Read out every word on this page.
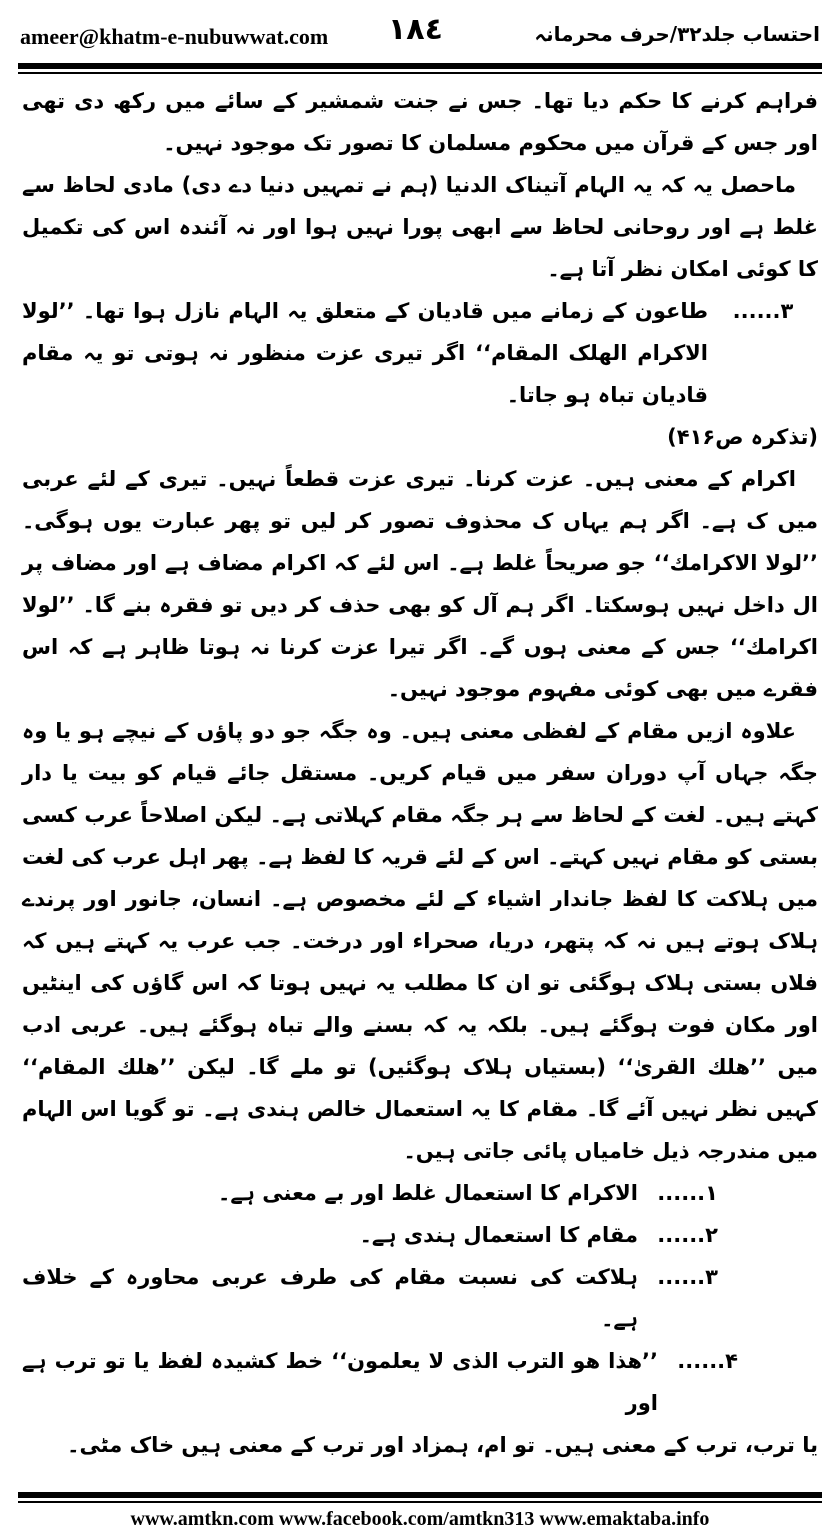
ameer@khatm-e-nubuwwat.com ١٨٤	احتساب جلد۳۲/حرف محرمانہ

فراہم کرنے کا حکم دیا تھا۔ جس نے جنت شمشیر کے سائے میں رکھ دی تھی اور جس کے قرآن میں محکوم مسلمان کا تصور تک موجود نہیں۔

ماحصل یہ کہ یہ الہام آتیناک الدنیا (ہم نے تمہیں دنیا دے دی) مادی لحاظ سے غلط ہے اور روحانی لحاظ سے ابھی پورا نہیں ہوا اور نہ آئندہ اس کی تکمیل کا کوئی امکان نظر آتا ہے۔

۳......
طاعون کے زمانے میں قادیان کے متعلق یہ الہام نازل ہوا تھا۔ ’’لولا الاکرام الھلک المقام‘‘ اگر تیری عزت منظور نہ ہوتی تو یہ مقام قادیان تباہ ہو جاتا۔

(تذکرہ ص۴۱۶)

اکرام کے معنی ہیں۔ عزت کرنا۔ تیری عزت قطعاً نہیں۔ تیری کے لئے عربی میں ک ہے۔ اگر ہم یہاں ک محذوف تصور کر لیں تو پھر عبارت یوں ہوگی۔ ’’لولا الاکرامك‘‘ جو صریحاً غلط ہے۔ اس لئے کہ اکرام مضاف ہے اور مضاف پر ال داخل نہیں ہوسکتا۔ اگر ہم آل کو بھی حذف کر دیں تو فقرہ بنے گا۔ ’’لولا اکرامك‘‘ جس کے معنی ہوں گے۔ اگر تیرا عزت کرنا نہ ہوتا ظاہر ہے کہ اس فقرے میں بھی کوئی مفہوم موجود نہیں۔

علاوہ ازیں مقام کے لفظی معنی ہیں۔ وہ جگہ جو دو پاؤں کے نیچے ہو یا وہ جگہ جہاں آپ دوران سفر میں قیام کریں۔ مستقل جائے قیام کو بیت یا دار کہتے ہیں۔ لغت کے لحاظ سے ہر جگہ مقام کہلاتی ہے۔ لیکن اصلاحاً عرب کسی بستی کو مقام نہیں کہتے۔ اس کے لئے قریہ کا لفظ ہے۔ پھر اہل عرب کی لغت میں ہلاکت کا لفظ جاندار اشیاء کے لئے مخصوص ہے۔ انسان، جانور اور پرندے ہلاک ہوتے ہیں نہ کہ پتھر، دریا، صحراء اور درخت۔ جب عرب یہ کہتے ہیں کہ فلاں بستی ہلاک ہوگئی تو ان کا مطلب یہ نہیں ہوتا کہ اس گاؤں کی اینٹیں اور مکان فوت ہوگئے ہیں۔ بلکہ یہ کہ بسنے والے تباہ ہوگئے ہیں۔ عربی ادب میں ’’ھلك القریٰ‘‘ (بستیاں ہلاک ہوگئیں) تو ملے گا۔ لیکن ’’ھلك المقام‘‘ کہیں نظر نہیں آئے گا۔ مقام کا یہ استعمال خالص ہندی ہے۔ تو گویا اس الہام میں مندرجہ ذیل خامیاں پائی جاتی ہیں۔

۱......
الاکرام کا استعمال غلط اور بے معنی ہے۔
۲......
مقام کا استعمال ہندی ہے۔
۳......
ہلاکت کی نسبت مقام کی طرف عربی محاورہ کے خلاف ہے۔
۴......
’’ھذا ھو الترب الذی لا یعلمون‘‘ خط کشیدہ لفظ یا تو ترب ہے اور

یا ترب، ترب کے معنی ہیں۔ تو ام، ہمزاد اور ترب کے معنی ہیں خاک مٹی۔

www.amtkn.com www.facebook.com/amtkn313 www.emaktaba.info
